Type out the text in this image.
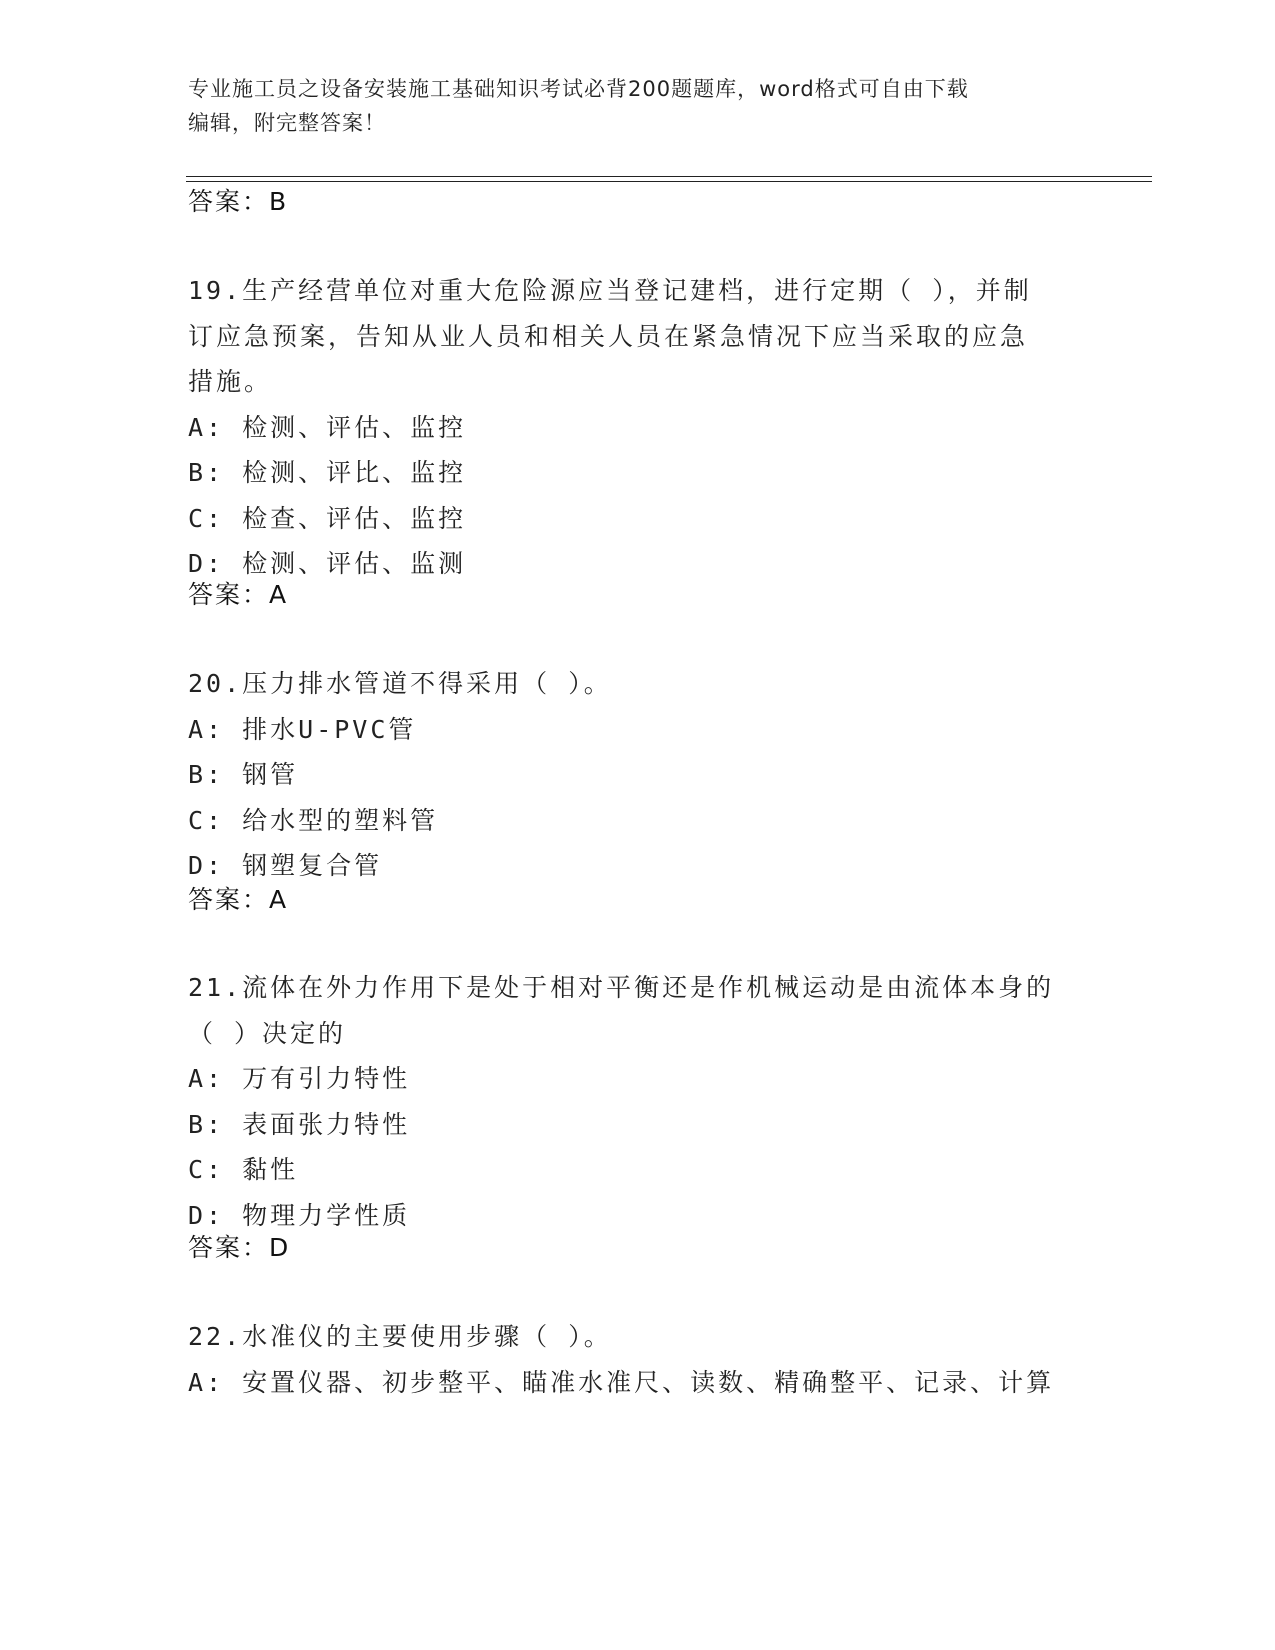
专业施工员之设备安装施工基础知识考试必背200题题库，word格式可自由下载
编辑，附完整答案！
答案：B
19.生产经营单位对重大危险源应当登记建档，进行定期（ ），并制
订应急预案，告知从业人员和相关人员在紧急情况下应当采取的应急
措施。
A: 检测、评估、监控
B: 检测、评比、监控
C: 检查、评估、监控
D: 检测、评估、监测
答案：A
20.压力排水管道不得采用（ ）。
A: 排水U-PVC管
B: 钢管
C: 给水型的塑料管
D: 钢塑复合管
答案：A
21.流体在外力作用下是处于相对平衡还是作机械运动是由流体本身的
（ ）决定的
A: 万有引力特性
B: 表面张力特性
C: 黏性
D: 物理力学性质
答案：D
22.水准仪的主要使用步骤（ ）。
A: 安置仪器、初步整平、瞄准水准尺、读数、精确整平、记录、计算
